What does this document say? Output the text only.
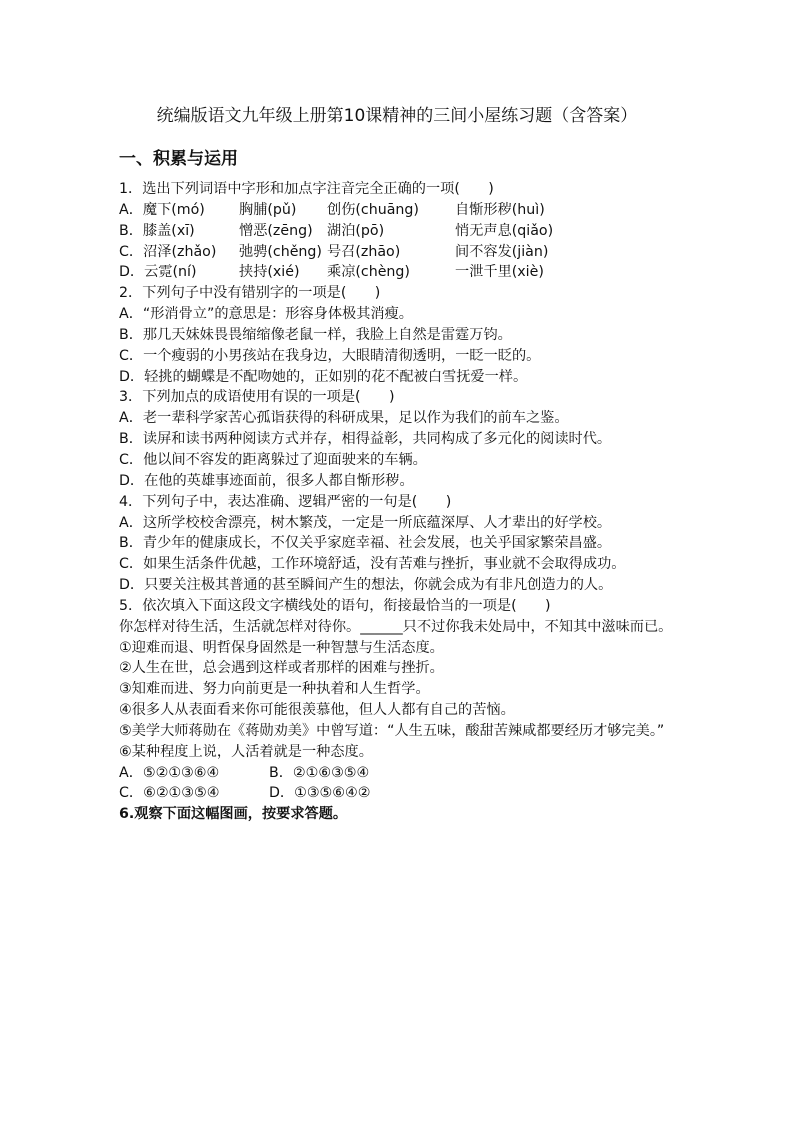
统编版语文九年级上册第10课精神的三间小屋练习题（含答案）
一、积累与运用
1．选出下列词语中字形和加点字注音完全正确的一项(　　)
A．魔下(mó) 胸脯(pǔ) 创伤(chuāng)	自惭形秽(huì)
B．膝盖(xī)	憎恶(zēng) 湖泊(pō)	悄无声息(qiǎo)
C．沼泽(zhǎo) 弛骋(chěng) 号召(zhāo)	间不容发(jiàn)
D．云霓(ní)	挟持(xié) 乘凉(chèng)	一泄千里(xiè)
2．下列句子中没有错别字的一项是(　　)
A．“形消骨立”的意思是：形容身体极其消瘦。
B．那几天妹妹畏畏缩缩像老鼠一样，我脸上自然是雷霆万钧。
C．一个瘦弱的小男孩站在我身边，大眼睛清彻透明，一眨一眨的。
D．轻挑的蝴蝶是不配吻她的，正如别的花不配被白雪抚爱一样。
3．下列加点的成语使用有误的一项是(　　)
A．老一辈科学家苦心孤诣获得的科研成果，足以作为我们的前车之鉴。
B．读屏和读书两种阅读方式并存，相得益彰，共同构成了多元化的阅读时代。
C．他以间不容发的距离躲过了迎面驶来的车辆。
D．在他的英雄事迹面前，很多人都自惭形秽。
4．下列句子中，表达准确、逻辑严密的一句是(　　)
A．这所学校校舍漂亮，树木繁茂，一定是一所底蕴深厚、人才辈出的好学校。
B．青少年的健康成长，不仅关乎家庭幸福、社会发展，也关乎国家繁荣昌盛。
C．如果生活条件优越，工作环境舒适，没有苦难与挫折，事业就不会取得成功。
D．只要关注极其普通的甚至瞬间产生的想法，你就会成为有非凡创造力的人。
5．依次填入下面这段文字横线处的语句，衔接最恰当的一项是(　　)
你怎样对待生活，生活就怎样对待你。______只不过你我未处局中，不知其中滋味而已。
①迎难而退、明哲保身固然是一种智慧与生活态度。
②人生在世，总会遇到这样或者那样的困难与挫折。
③知难而进、努力向前更是一种执着和人生哲学。
④很多人从表面看来你可能很羡慕他，但人人都有自己的苦恼。
⑤美学大师蒋勋在《蒋勋劝美》中曾写道：“人生五味，酸甜苦辣咸都要经历才够完美。”
⑥某种程度上说，人活着就是一种态度。
A．⑤②①③⑥④	B．②①⑥③⑤④
C．⑥②①③⑤④	D．①③⑤⑥④②
6.观察下面这幅图画，按要求答题。
